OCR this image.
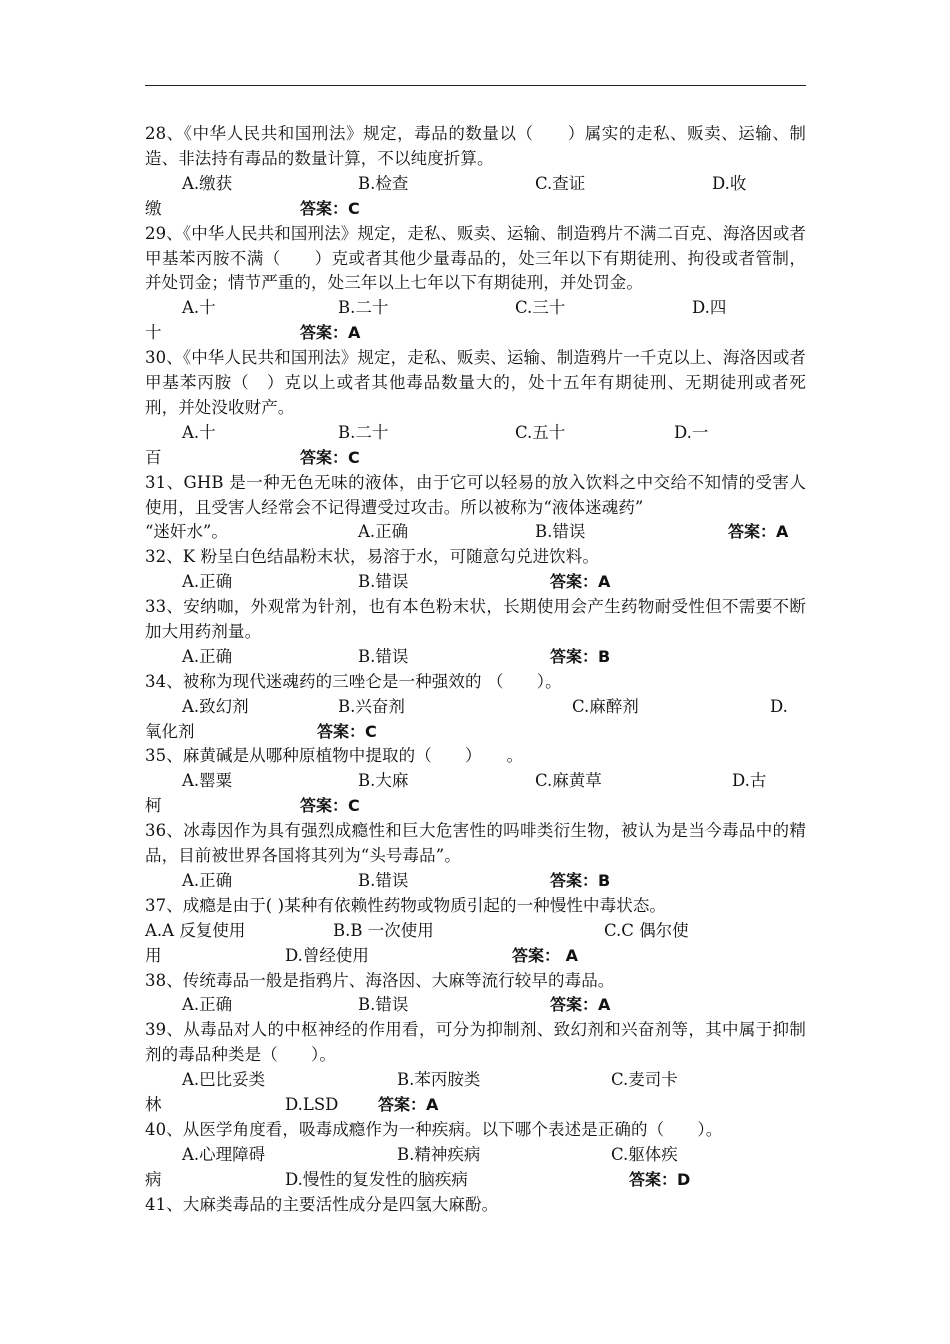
28、《中华人民共和国刑法》规定，毒品的数量以（　　）属实的走私、贩卖、运输、制造、非法持有毒品的数量计算，不以纯度折算。

A.缴获	B.检查	C.查证	D.收
缴	答案：C

29、《中华人民共和国刑法》规定，走私、贩卖、运输、制造鸦片不满二百克、海洛因或者甲基苯丙胺不满（　　）克或者其他少量毒品的，处三年以下有期徒刑、拘役或者管制，并处罚金；情节严重的，处三年以上七年以下有期徒刑，并处罚金。

A.十	B.二十	C.三十	D.四
十	答案：A

30、《中华人民共和国刑法》规定，走私、贩卖、运输、制造鸦片一千克以上、海洛因或者甲基苯丙胺（　）克以上或者其他毒品数量大的，处十五年有期徒刑、无期徒刑或者死刑，并处没收财产。

A.十	B.二十	C.五十	D.一
百	答案：C

31、GHB 是一种无色无味的液体，由于它可以轻易的放入饮料之中交给不知情的受害人使用，且受害人经常会不记得遭受过攻击。所以被称为“液体迷魂药”

“迷奸水”。	A.正确	B.错误	答案：A

32、K 粉呈白色结晶粉末状，易溶于水，可随意勾兑进饮料。

A.正确	B.错误	答案：A

33、安纳咖，外观常为针剂，也有本色粉末状，长期使用会产生药物耐受性但不需要不断加大用药剂量。

A.正确	B.错误	答案：B

34、被称为现代迷魂药的三唑仑是一种强效的 （　　）。

A.致幻剂	B.兴奋剂	C.麻醉剂	D.
氧化剂	答案：C

35、麻黄碱是从哪种原植物中提取的（　　）　　。

A.罂粟	B.大麻	C.麻黄草	D.古
柯	答案：C

36、冰毒因作为具有强烈成瘾性和巨大危害性的吗啡类衍生物，被认为是当今毒品中的精品，目前被世界各国将其列为“头号毒品”。

A.正确	B.错误	答案：B

37、成瘾是由于( )某种有依赖性药物或物质引起的一种慢性中毒状态。

A.A 反复使用	B.B 一次使用	C.C 偶尔使
用	D.曾经使用	答案： A

38、传统毒品一般是指鸦片、海洛因、大麻等流行较早的毒品。

A.正确	B.错误	答案：A

39、从毒品对人的中枢神经的作用看，可分为抑制剂、致幻剂和兴奋剂等，其中属于抑制剂的毒品种类是（　　）。

A.巴比妥类	B.苯丙胺类	C.麦司卡
林	D.LSD 答案：A

40、从医学角度看，吸毒成瘾作为一种疾病。以下哪个表述是正确的（　　）。

A.心理障碍	B.精神疾病	C.躯体疾
病	D.慢性的复发性的脑疾病	答案：D

41、大麻类毒品的主要活性成分是四氢大麻酚。
